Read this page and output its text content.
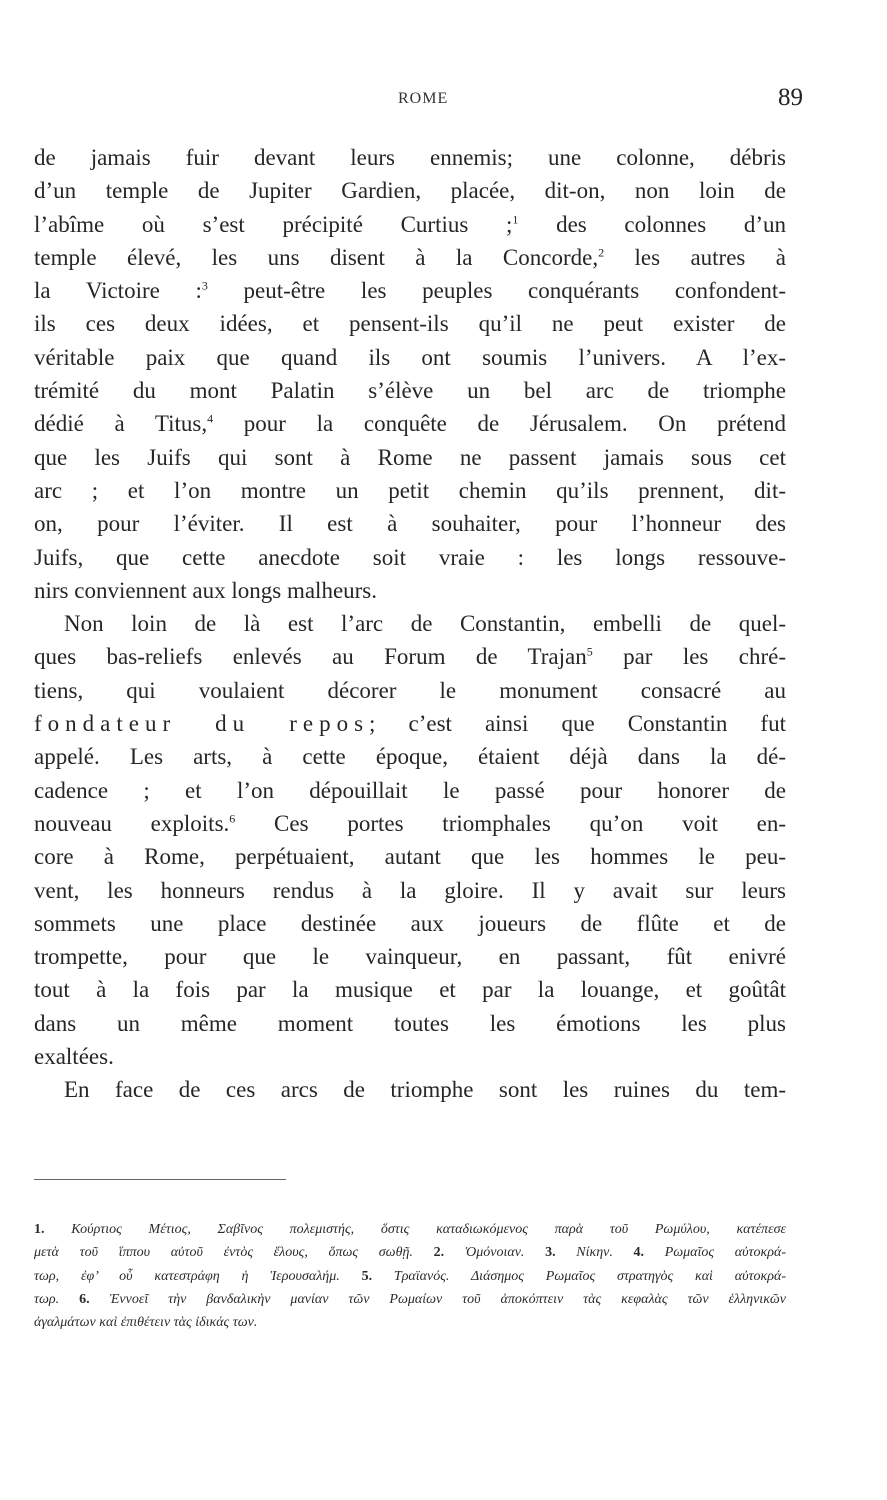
ROME	89
de jamais fuir devant leurs ennemis; une colonne, débris
d’un temple de Jupiter Gardien, placée, dit-on, non loin de
l’abîme où s’est précipité Curtius ;$^1$ des colonnes d’un
temple élevé, les uns disent à la Concorde,$^2$ les autres à
la Victoire :$^3$ peut-être les peuples conquérants confondent-
ils ces deux idées, et pensent-ils qu’il ne peut exister de
véritable paix que quand ils ont soumis l’univers. A l’ex-
trémité du mont Palatin s’élève un bel arc de triomphe
dédié à Titus,$^4$ pour la conquête de Jérusalem. On prétend
que les Juifs qui sont à Rome ne passent jamais sous cet
arc ; et l’on montre un petit chemin qu’ils prennent, dit-
on, pour l’éviter. Il est à souhaiter, pour l’honneur des
Juifs, que cette anecdote soit vraie : les longs ressouve-
nirs conviennent aux longs malheurs.
Non loin de là est l’arc de Constantin, embelli de quel-
ques bas-reliefs enlevés au Forum de Trajan$^5$ par les chré-
tiens, qui voulaient décorer le monument consacré au
fondateur du repos; c’est ainsi que Constantin fut
appelé. Les arts, à cette époque, étaient déjà dans la dé-
cadence ; et l’on dépouillait le passé pour honorer de
nouveau exploits.$^6$ Ces portes triomphales qu’on voit en-
core à Rome, perpétuaient, autant que les hommes le peu-
vent, les honneurs rendus à la gloire. Il y avait sur leurs
sommets une place destinée aux joueurs de flûte et de
trompette, pour que le vainqueur, en passant, fût enivré
tout à la fois par la musique et par la louange, et goûtât
dans un même moment toutes les émotions les plus
exaltées.
En face de ces arcs de triomphe sont les ruines du tem-
1. Κούρτιος Μέτιος, Σαβῖνος πολεμιστής, ὅστις καταδιωκόμενος παρὰ τοῦ Ρωμύλου, κατέπεσε
μετὰ τοῦ ἵππου αὐτοῦ ἐντὸς ἕλους, ὅπως σωθῇ. 2. Ὁμόνοιαν. 3. Νίκην. 4. Ρωμαῖος αὐτοκρά-
τωρ, ἐφ’ οὗ κατεστράφη ἡ Ἱερουσαλήμ. 5. Τραϊανός. Διάσημος Ρωμαῖος στρατηγὸς καὶ αὐτοκρά-
τωρ. 6. Ἐννοεῖ τὴν βανδαλικὴν μανίαν τῶν Ρωμαίων τοῦ ἀποκόπτειν τὰς κεφαλὰς τῶν ἑλληνικῶν
ἀγαλμάτων καὶ ἐπιθέτειν τὰς ἰδικάς των.
